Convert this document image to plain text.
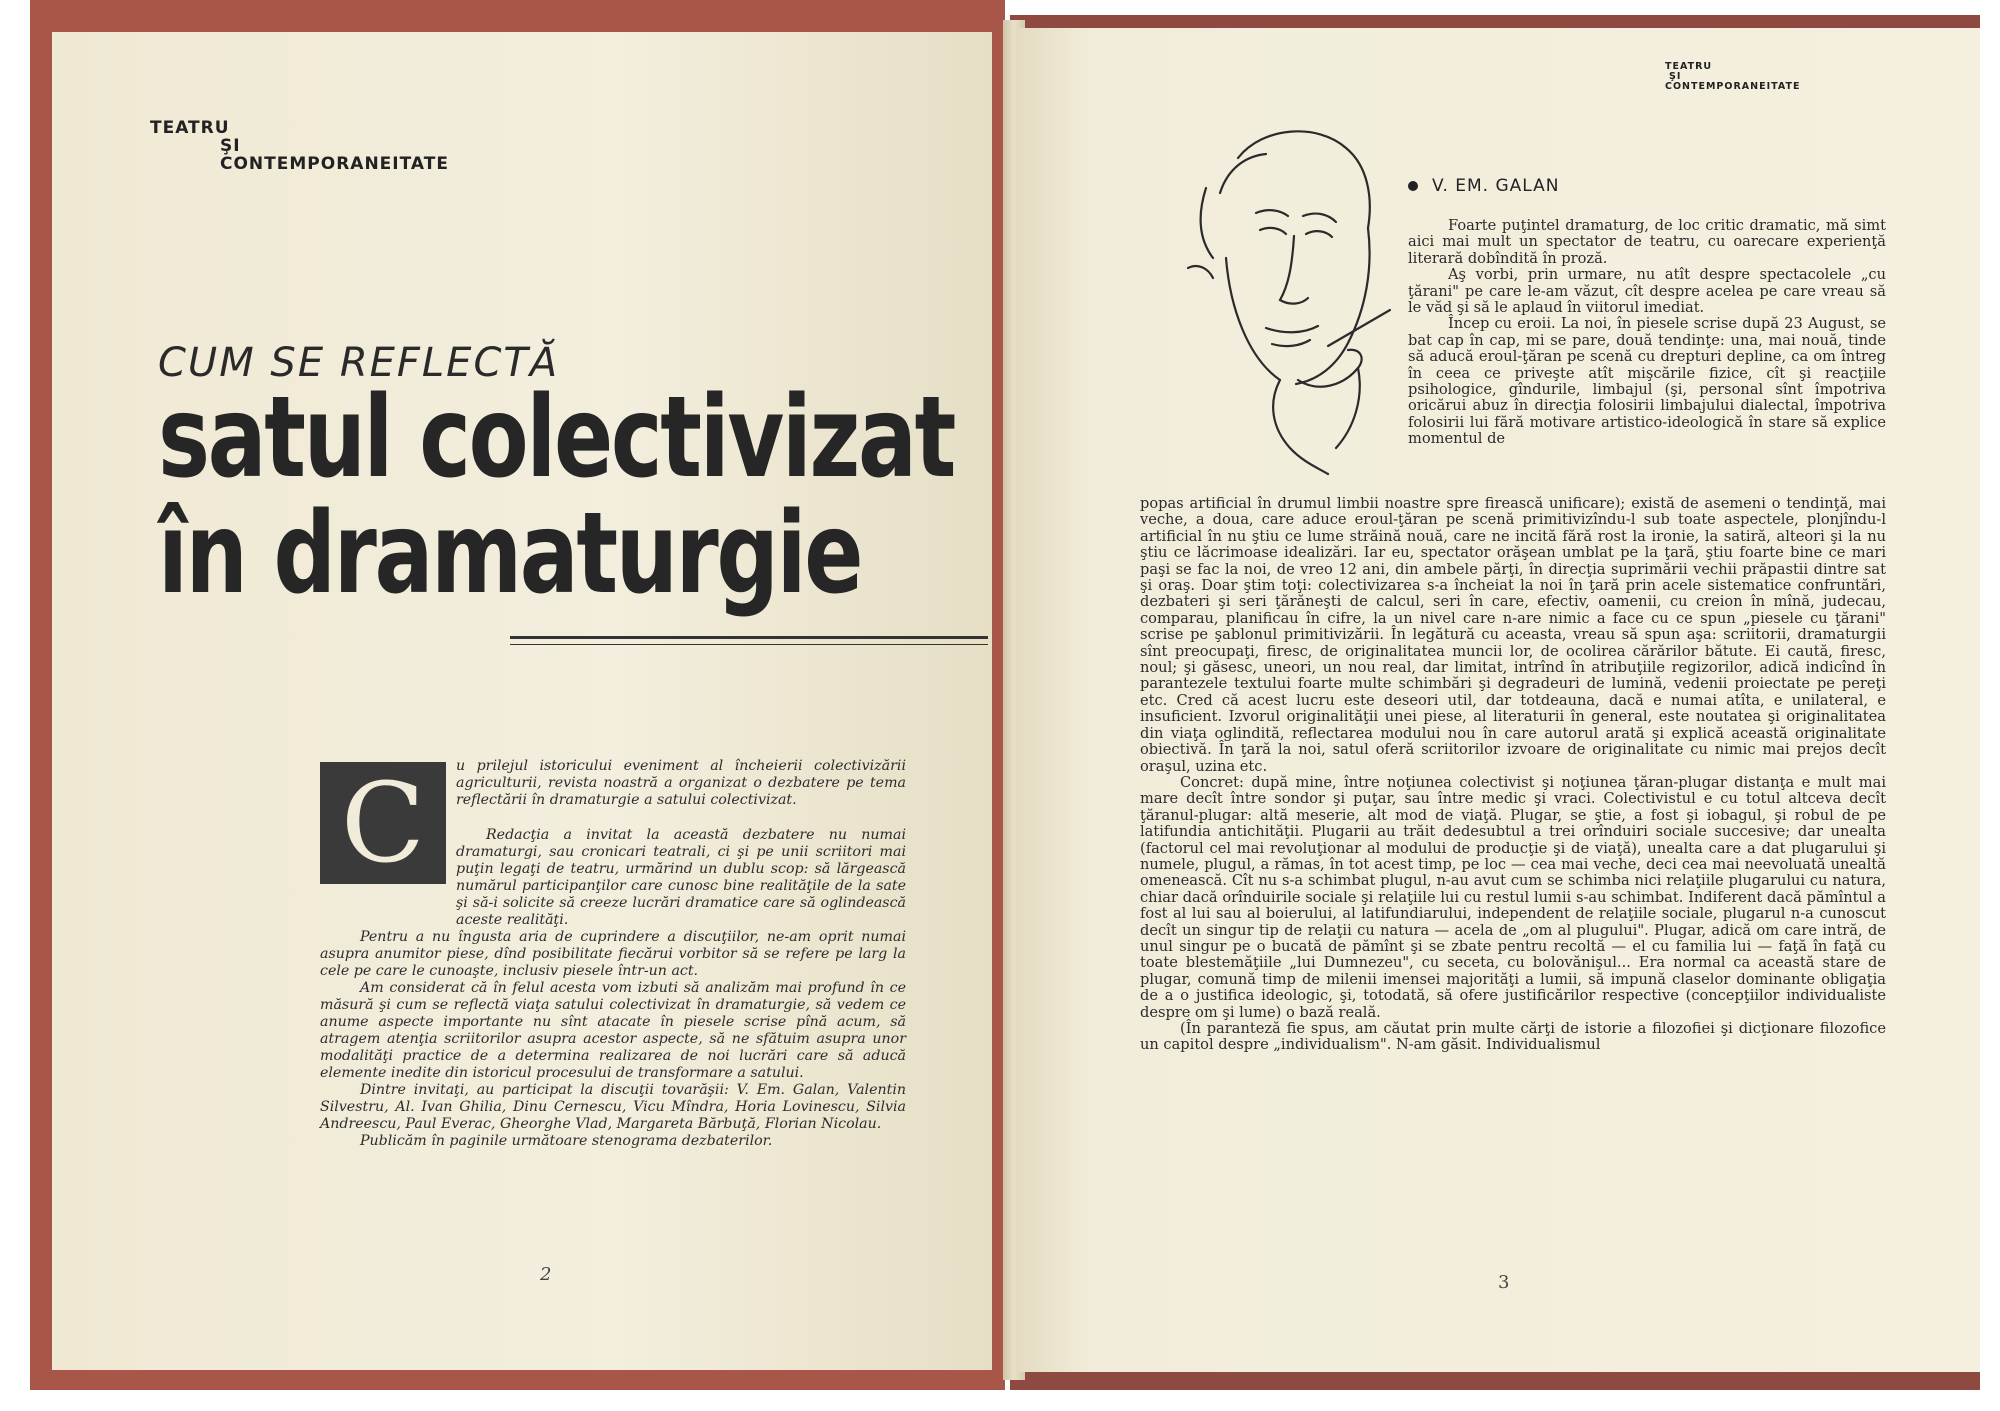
TEATRU
ŞI
CONTEMPORANEITATE
CUM SE REFLECTĂ
satul colectivizat
în dramaturgie
C	u prilejul istoricului eveniment al încheierii colectivizării agriculturii, revista noastră a organizat o dezbatere pe tema reflectării în dramaturgie a satului colectivizat.

Redacţia a invitat la această dezbatere nu numai dramaturgi, sau cronicari teatrali, ci şi pe unii scriitori mai puţin legaţi de teatru, urmărind un dublu scop: să lărgească numărul participanţilor care cunosc bine realităţile de la sate şi să-i solicite să creeze lucrări dramatice care să oglindească aceste realităţi.

Pentru a nu îngusta aria de cuprindere a discuţiilor, ne-am oprit numai asupra anumitor piese, dînd posibilitate fiecărui vorbitor să se refere pe larg la cele pe care le cunoaşte, inclusiv piesele într-un act.

Am considerat că în felul acesta vom izbuti să analizăm mai profund în ce măsură şi cum se reflectă viaţa satului colectivizat în dramaturgie, să vedem ce anume aspecte importante nu sînt atacate în piesele scrise pînă acum, să atragem atenţia scriitorilor asupra acestor aspecte, să ne sfătuim asupra unor modalităţi practice de a determina realizarea de noi lucrări care să aducă elemente inedite din istoricul procesului de transformare a satului.

Dintre invitaţi, au participat la discuţii tovarăşii: V. Em. Galan, Valentin Silvestru, Al. Ivan Ghilia, Dinu Cernescu, Vicu Mîndra, Horia Lovinescu, Silvia Andreescu, Paul Everac, Gheorghe Vlad, Margareta Bărbuţă, Florian Nicolau.

Publicăm în paginile următoare stenograma dezbaterilor.

2
TEATRU
ŞI
CONTEMPORANEITATE
V. EM. GALAN

Foarte puţintel dramaturg, de loc critic dramatic, mă simt aici mai mult un spectator de teatru, cu oarecare experienţă literară dobîndită în proză.

Aş vorbi, prin urmare, nu atît despre spectacolele „cu ţărani" pe care le-am văzut, cît despre acelea pe care vreau să le văd şi să le aplaud în viitorul imediat.

Încep cu eroii. La noi, în piesele scrise după 23 August, se bat cap în cap, mi se pare, două tendinţe: una, mai nouă, tinde să aducă eroul-ţăran pe scenă cu drepturi depline, ca om întreg în ceea ce priveşte atît mişcările fizice, cît şi reacţiile psihologice, gîndurile, limbajul (şi, personal sînt împotriva oricărui abuz în direcţia folosirii limbajului dialectal, împotriva folosirii lui fără motivare artistico-ideologică în stare să explice momentul de

popas artificial în drumul limbii noastre spre firească unificare); există de asemeni o tendinţă, mai veche, a doua, care aduce eroul-ţăran pe scenă primitivizîndu-l sub toate aspectele, plonjîndu-l artificial în nu ştiu ce lume străină nouă, care ne incită fără rost la ironie, la satiră, alteori şi la nu ştiu ce lăcrimoase idealizări. Iar eu, spectator orăşean umblat pe la ţară, ştiu foarte bine ce mari paşi se fac la noi, de vreo 12 ani, din ambele părţi, în direcţia suprimării vechii prăpastii dintre sat şi oraş. Doar ştim toţi: colectivizarea s-a încheiat la noi în ţară prin acele sistematice confruntări, dezbateri şi seri ţărăneşti de calcul, seri în care, efectiv, oamenii, cu creion în mînă, judecau, comparau, planificau în cifre, la un nivel care n-are nimic a face cu ce spun „piesele cu ţărani" scrise pe şablonul primitivizării. În legătură cu aceasta, vreau să spun aşa: scriitorii, dramaturgii sînt preocupaţi, firesc, de originalitatea muncii lor, de ocolirea cărărilor bătute. Ei caută, firesc, noul; şi găsesc, uneori, un nou real, dar limitat, intrînd în atribuţiile regizorilor, adică indicînd în parantezele textului foarte multe schimbări şi degradeuri de lumină, vedenii proiectate pe pereţi etc. Cred că acest lucru este deseori util, dar totdeauna, dacă e numai atîta, e unilateral, e insuficient. Izvorul originalităţii unei piese, al literaturii în general, este noutatea şi originalitatea din viaţa oglindită, reflectarea modului nou în care autorul arată şi explică această originalitate obiectivă. În ţară la noi, satul oferă scriitorilor izvoare de originalitate cu nimic mai prejos decît oraşul, uzina etc.

Concret: după mine, între noţiunea colectivist şi noţiunea ţăran-plugar distanţa e mult mai mare decît între sondor şi puţar, sau între medic şi vraci. Colectivistul e cu totul altceva decît ţăranul-plugar: altă meserie, alt mod de viaţă. Plugar, se ştie, a fost şi iobagul, şi robul de pe latifundia antichităţii. Plugarii au trăit dedesubtul a trei orînduiri sociale succesive; dar unealta (factorul cel mai revoluţionar al modului de producţie şi de viaţă), unealta care a dat plugarului şi numele, plugul, a rămas, în tot acest timp, pe loc — cea mai veche, deci cea mai neevoluată unealtă omenească. Cît nu s-a schimbat plugul, n-au avut cum se schimba nici relaţiile plugarului cu natura, chiar dacă orînduirile sociale şi relaţiile lui cu restul lumii s-au schimbat. Indiferent dacă pămîntul a fost al lui sau al boierului, al latifundiarului, independent de relaţiile sociale, plugarul n-a cunoscut decît un singur tip de relaţii cu natura — acela de „om al plugului". Plugar, adică om care intră, de unul singur pe o bucată de pămînt şi se zbate pentru recoltă — el cu familia lui — faţă în faţă cu toate blestemăţiile „lui Dumnezeu", cu seceta, cu bolovănişul... Era normal ca această stare de plugar, comună timp de milenii imensei majorităţi a lumii, să impună claselor dominante obligaţia de a o justifica ideologic, şi, totodată, să ofere justificărilor respective (concepţiilor individualiste despre om şi lume) o bază reală.

(În paranteză fie spus, am căutat prin multe cărţi de istorie a filozofiei şi dicţionare filozofice un capitol despre „individualism". N-am găsit. Individualismul

3
